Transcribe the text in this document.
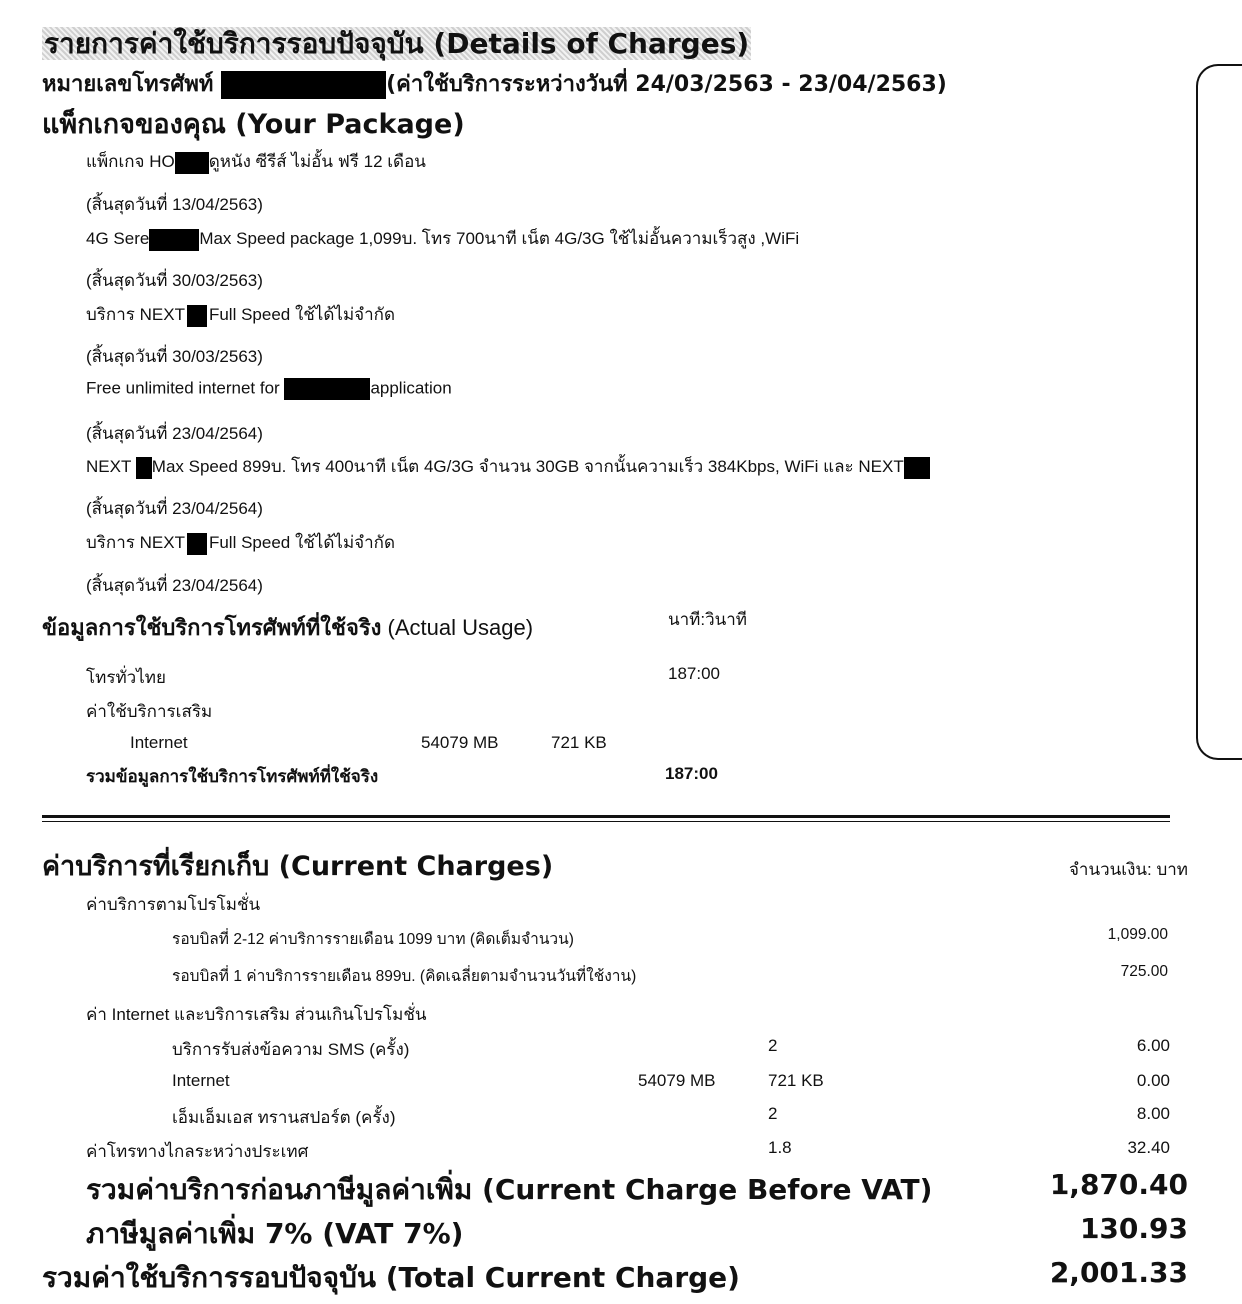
รายการค่าใช้บริการรอบปัจจุบัน (Details of Charges)
หมายเลขโทรศัพท์	(ค่าใช้บริการระหว่างวันที่ 24/03/2563 - 23/04/2563)
แพ็กเกจของคุณ (Your Package)
แพ็กเกจ HO ดูหนัง ซีรีส์ ไม่อั้น ฟรี 12 เดือน
(สิ้นสุดวันที่ 13/04/2563)
4G Sere	Max Speed package 1,099บ. โทร 700นาที เน็ต 4G/3G ใช้ไม่อั้นความเร็วสูง ,WiFi
(สิ้นสุดวันที่ 30/03/2563)
บริการ NEXT Full Speed ใช้ได้ไม่จำกัด
(สิ้นสุดวันที่ 30/03/2563)
Free unlimited internet for	application
(สิ้นสุดวันที่ 23/04/2564)
NEXT Max Speed 899บ. โทร 400นาที เน็ต 4G/3G จำนวน 30GB จากนั้นความเร็ว 384Kbps, WiFi และ NEXT
(สิ้นสุดวันที่ 23/04/2564)
บริการ NEXT Full Speed ใช้ได้ไม่จำกัด
(สิ้นสุดวันที่ 23/04/2564)
ข้อมูลการใช้บริการโทรศัพท์ที่ใช้จริง (Actual Usage)	นาที:วินาที
โทรทั่วไทย	187:00
ค่าใช้บริการเสริม
Internet	54079 MB	721 KB
รวมข้อมูลการใช้บริการโทรศัพท์ที่ใช้จริง	187:00
ค่าบริการที่เรียกเก็บ (Current Charges)	จำนวนเงิน: บาท
ค่าบริการตามโปรโมชั่น
รอบบิลที่ 2-12 ค่าบริการรายเดือน 1099 บาท (คิดเต็มจำนวน)	1,099.00
รอบบิลที่ 1 ค่าบริการรายเดือน 899บ. (คิดเฉลี่ยตามจำนวนวันที่ใช้งาน)	725.00
ค่า Internet และบริการเสริม ส่วนเกินโปรโมชั่น
บริการรับส่งข้อความ SMS (ครั้ง)	2	6.00
Internet	54079 MB	721 KB	0.00
เอ็มเอ็มเอส ทรานสปอร์ต (ครั้ง)	2	8.00
ค่าโทรทางไกลระหว่างประเทศ	1.8	32.40
รวมค่าบริการก่อนภาษีมูลค่าเพิ่ม (Current Charge Before VAT)	1,870.40
ภาษีมูลค่าเพิ่ม 7% (VAT 7%)	130.93
รวมค่าใช้บริการรอบปัจจุบัน (Total Current Charge)	2,001.33
